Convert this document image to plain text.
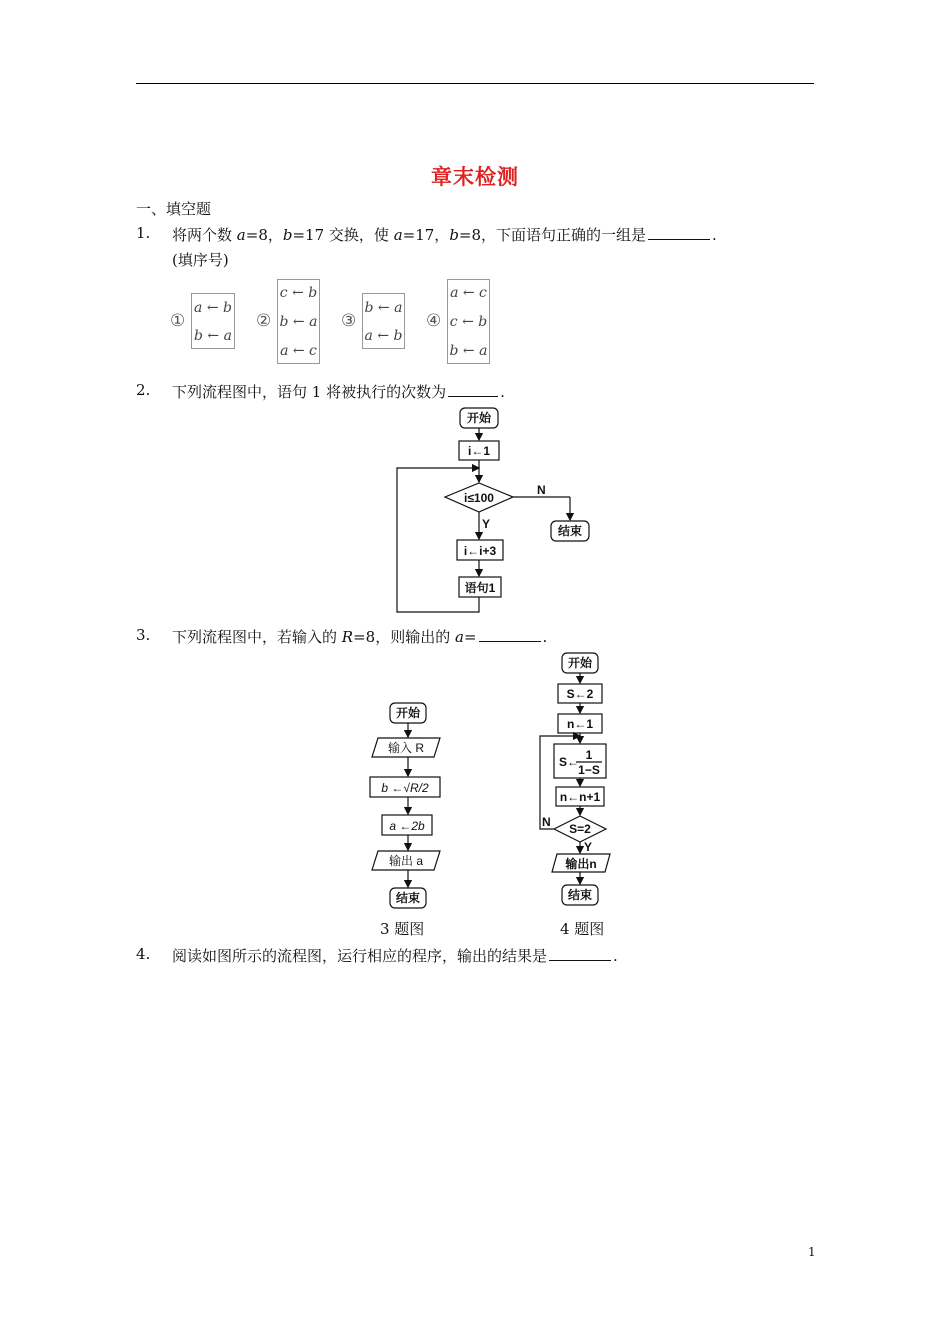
章末检测
一、填空题
1. 将两个数 a=8，b=17 交换，使 a=17，b=8，下面语句正确的一组是	.
(填序号)
①
a ← b
b ← a
②
c ← b
b ← a
a ← c
③
b ← a
a ← b
④
a ← c
c ← b
b ← a
2. 下列流程图中，语句 1 将被执行的次数为	.
开始
i←1
i≤100
N
Y	结束
i←i+3
语句1
3. 下列流程图中，若输入的 R=8，则输出的 a=	.
开始
输入 R
b ←√R/2
a ←2b
输出 a
结束
3 题图
开始
S←2
n←1
S← 1
1−S
n←n+1
S=2
N
Y
输出n
结束
4 题图
4. 阅读如图所示的流程图，运行相应的程序，输出的结果是	.
1
